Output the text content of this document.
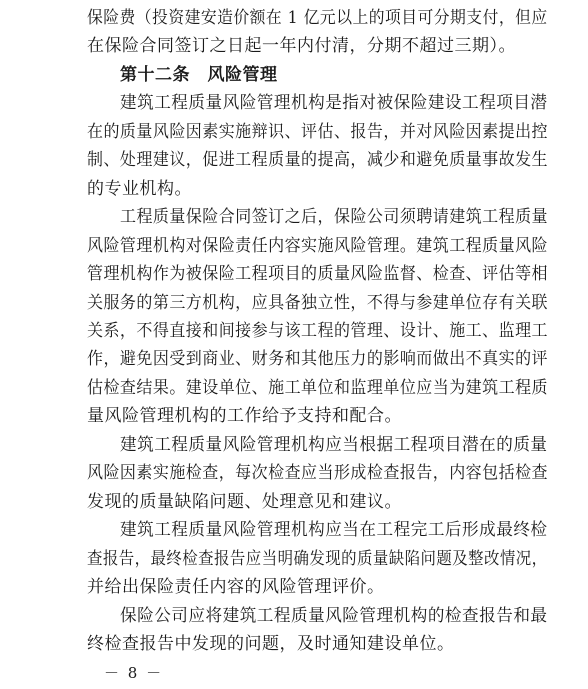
保险费（投资建安造价额在 1 亿元以上的项目可分期支付，但应
在保险合同签订之日起一年内付清，分期不超过三期）。
第十二条　风险管理
建筑工程质量风险管理机构是指对被保险建设工程项目潜
在的质量风险因素实施辩识、评估、报告，并对风险因素提出控
制、处理建议，促进工程质量的提高，减少和避免质量事故发生
的专业机构。
工程质量保险合同签订之后，保险公司须聘请建筑工程质量
风险管理机构对保险责任内容实施风险管理。建筑工程质量风险
管理机构作为被保险工程项目的质量风险监督、检查、评估等相
关服务的第三方机构，应具备独立性，不得与参建单位存有关联
关系，不得直接和间接参与该工程的管理、设计、施工、监理工
作，避免因受到商业、财务和其他压力的影响而做出不真实的评
估检查结果。建设单位、施工单位和监理单位应当为建筑工程质
量风险管理机构的工作给予支持和配合。
建筑工程质量风险管理机构应当根据工程项目潜在的质量
风险因素实施检查，每次检查应当形成检查报告，内容包括检查
发现的质量缺陷问题、处理意见和建议。
建筑工程质量风险管理机构应当在工程完工后形成最终检
查报告，最终检查报告应当明确发现的质量缺陷问题及整改情况，
并给出保险责任内容的风险管理评价。
保险公司应将建筑工程质量风险管理机构的检查报告和最
终检查报告中发现的问题，及时通知建设单位。
－ 8 －
